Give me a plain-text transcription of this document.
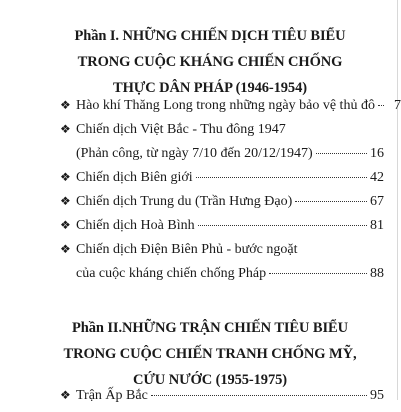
Phần I. NHỮNG CHIẾN DỊCH TIÊU BIỂU
TRONG CUỘC KHÁNG CHIẾN CHỐNG
THỰC DÂN PHÁP (1946-1954)
❖ Hào khí Thăng Long trong những ngày bảo vệ thủ đô	7
❖ Chiến dịch Việt Bắc - Thu đông 1947
(Phản công, từ ngày 7/10 đến 20/12/1947)	16
❖ Chiến dịch Biên giới	42
❖ Chiến dịch Trung du (Trần Hưng Đạo)	67
❖ Chiến dịch Hoà Bình	81
❖ Chiến dịch Điện Biên Phủ - bước ngoặt
của cuộc kháng chiến chống Pháp	88
Phần II.NHỮNG TRẬN CHIẾN TIÊU BIỂU
TRONG CUỘC CHIẾN TRANH CHỐNG MỸ,
CỨU NƯỚC (1955-1975)
❖ Trận Ấp Bắc	95
